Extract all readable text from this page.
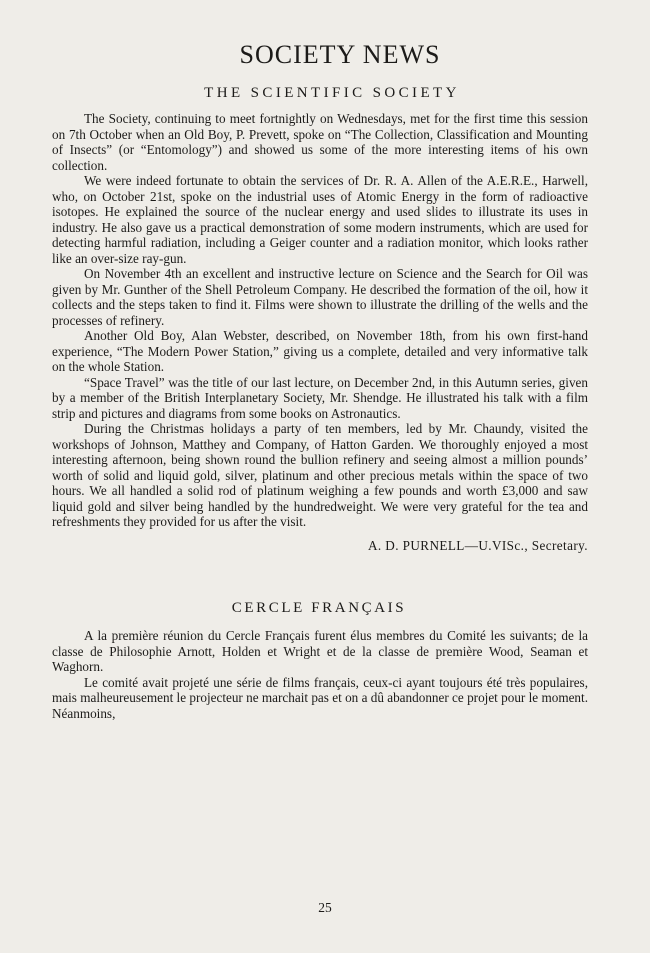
SOCIETY NEWS
THE SCIENTIFIC SOCIETY

The Society, continuing to meet fortnightly on Wednesdays, met for the first time this session on 7th October when an Old Boy, P. Prevett, spoke on “The Collection, Classification and Mounting of Insects” (or “Entomology”) and showed us some of the more interesting items of his own collection.

We were indeed fortunate to obtain the services of Dr. R. A. Allen of the A.E.R.E., Harwell, who, on October 21st, spoke on the industrial uses of Atomic Energy in the form of radioactive isotopes. He explained the source of the nuclear energy and used slides to illustrate its uses in industry. He also gave us a practical demonstration of some modern instruments, which are used for detecting harmful radiation, including a Geiger counter and a radiation monitor, which looks rather like an over-size ray-gun.

On November 4th an excellent and instructive lecture on Science and the Search for Oil was given by Mr. Gunther of the Shell Petroleum Company. He described the formation of the oil, how it collects and the steps taken to find it. Films were shown to illustrate the drilling of the wells and the processes of refinery.

Another Old Boy, Alan Webster, described, on November 18th, from his own first-hand experience, “The Modern Power Station,” giving us a complete, detailed and very informative talk on the whole Station.

“Space Travel” was the title of our last lecture, on December 2nd, in this Autumn series, given by a member of the British Interplanetary Society, Mr. Shendge. He illustrated his talk with a film strip and pictures and diagrams from some books on Astronautics.

During the Christmas holidays a party of ten members, led by Mr. Chaundy, visited the workshops of Johnson, Matthey and Company, of Hatton Garden. We thoroughly enjoyed a most interesting afternoon, being shown round the bullion refinery and seeing almost a million pounds’ worth of solid and liquid gold, silver, platinum and other precious metals within the space of two hours. We all handled a solid rod of platinum weighing a few pounds and worth £3,000 and saw liquid gold and silver being handled by the hundredweight. We were very grateful for the tea and refreshments they provided for us after the visit.

A. D. PURNELL—U.VISc., Secretary.

CERCLE FRANÇAIS

A la première réunion du Cercle Français furent élus membres du Comité les suivants; de la classe de Philosophie Arnott, Holden et Wright et de la classe de première Wood, Seaman et Waghorn.

Le comité avait projeté une série de films français, ceux-ci ayant toujours été très populaires, mais malheureusement le projecteur ne marchait pas et on a dû abandonner ce projet pour le moment. Néanmoins,

25
